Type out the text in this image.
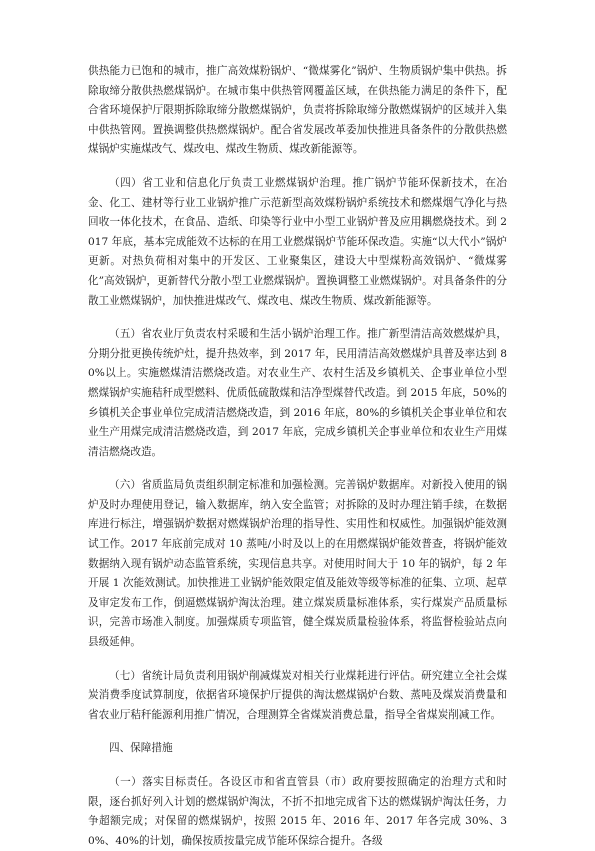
供热能力已饱和的城市，推广高效煤粉锅炉、“微煤雾化”锅炉、生物质锅炉集中供热。拆除取缔分散供热燃煤锅炉。在城市集中供热管网覆盖区域，在供热能力满足的条件下，配合省环境保护厅限期拆除取缔分散燃煤锅炉，负责将拆除取缔分散燃煤锅炉的区域并入集中供热管网。置换调整供热燃煤锅炉。配合省发展改革委加快推进具备条件的分散供热燃煤锅炉实施煤改气、煤改电、煤改生物质、煤改新能源等。

（四）省工业和信息化厅负责工业燃煤锅炉治理。推广锅炉节能环保新技术，在冶金、化工、建材等行业工业锅炉推广示范新型高效煤粉锅炉系统技术和燃煤烟气净化与热回收一体化技术，在食品、造纸、印染等行业中小型工业锅炉普及应用耦燃烧技术。到 2017 年底，基本完成能效不达标的在用工业燃煤锅炉节能环保改造。实施“以大代小”锅炉更新。对热负荷相对集中的开发区、工业聚集区，建设大中型煤粉高效锅炉、“微煤雾化”高效锅炉，更新替代分散小型工业燃煤锅炉。置换调整工业燃煤锅炉。对具备条件的分散工业燃煤锅炉，加快推进煤改气、煤改电、煤改生物质、煤改新能源等。

（五）省农业厅负责农村采暖和生活小锅炉治理工作。推广新型清洁高效燃煤炉具，分期分批更换传统炉灶，提升热效率，到 2017 年，民用清洁高效燃煤炉具普及率达到 80%以上。实施燃煤清洁燃烧改造。对农业生产、农村生活及乡镇机关、企事业单位小型燃煤锅炉实施秸秆成型燃料、优质低硫散煤和洁净型煤替代改造。到 2015 年底，50%的乡镇机关企事业单位完成清洁燃烧改造，到 2016 年底，80%的乡镇机关企事业单位和农业生产用煤完成清洁燃烧改造，到 2017 年底，完成乡镇机关企事业单位和农业生产用煤清洁燃烧改造。

（六）省质监局负责组织制定标准和加强检测。完善锅炉数据库。对新投入使用的锅炉及时办理使用登记，输入数据库，纳入安全监管；对拆除的及时办理注销手续，在数据库进行标注，增强锅炉数据对燃煤锅炉治理的指导性、实用性和权威性。加强锅炉能效测试工作。2017 年底前完成对 10 蒸吨/小时及以上的在用燃煤锅炉能效普查，将锅炉能效数据纳入现有锅炉动态监管系统，实现信息共享。对使用时间大于 10 年的锅炉，每 2 年开展 1 次能效测试。加快推进工业锅炉能效限定值及能效等级等标准的征集、立项、起草及审定发布工作，倒逼燃煤锅炉淘汰治理。建立煤炭质量标准体系，实行煤炭产品质量标识，完善市场准入制度。加强煤质专项监管，健全煤炭质量检验体系，将监督检验站点向县级延伸。

（七）省统计局负责利用锅炉削减煤炭对相关行业煤耗进行评估。研究建立全社会煤炭消费季度试算制度，依据省环境保护厅提供的淘汰燃煤锅炉台数、蒸吨及煤炭消费量和省农业厅秸秆能源利用推广情况，合理测算全省煤炭消费总量，指导全省煤炭削减工作。

四、保障措施

（一）落实目标责任。各设区市和省直管县（市）政府要按照确定的治理方式和时限，逐台抓好列入计划的燃煤锅炉淘汰，不折不扣地完成省下达的燃煤锅炉淘汰任务，力争超额完成；对保留的燃煤锅炉，按照 2015 年、2016 年、2017 年各完成 30%、30%、40%的计划，确保按质按量完成节能环保综合提升。各级
